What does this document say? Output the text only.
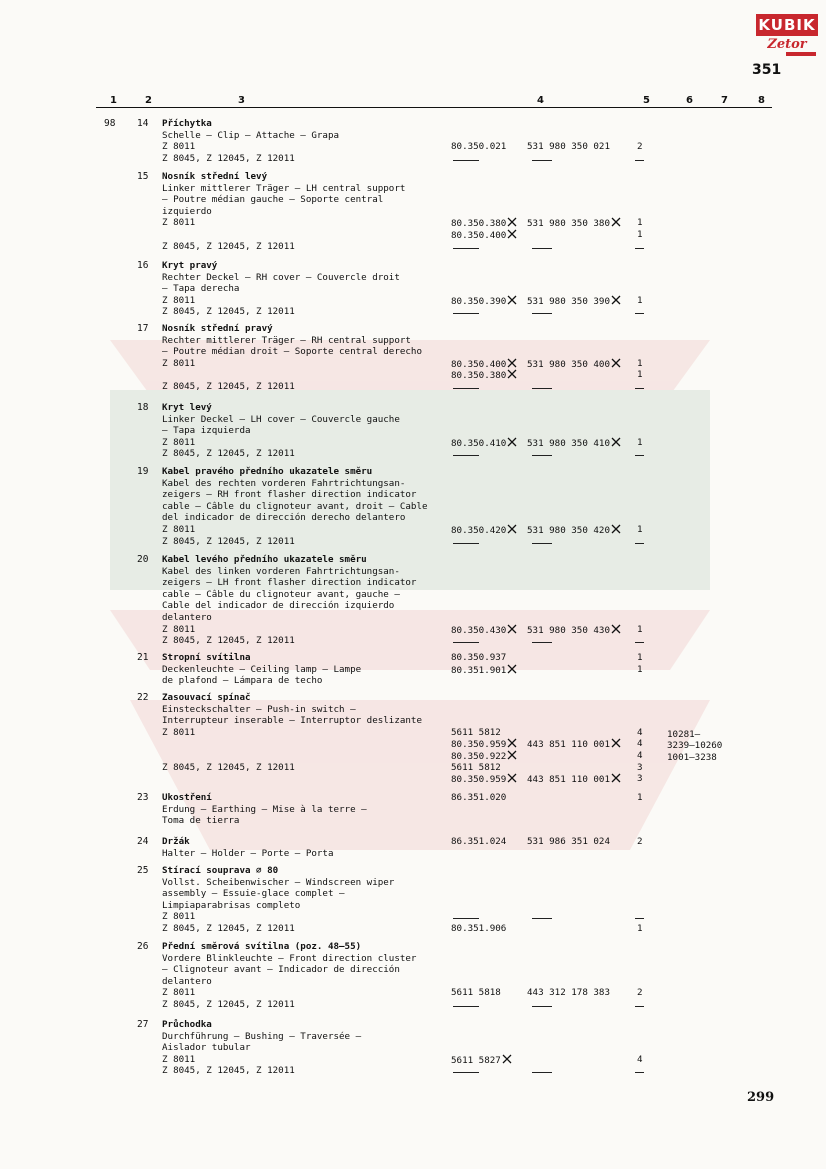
KUBIK
Zetor
351
1	2	3	4	5	6	7	8
98 14 Příchytka
Schelle — Clip — Attache — Grapa
Z 8011
Z 8045, Z 12045, Z 12011
80.350.021 531 980 350 021	2
15 Nosník střední levý
Linker mittlerer Träger — LH central support
— Poutre médian gauche — Soporte central
izquierdo
Z 8011

Z 8045, Z 12045, Z 12011
80.350.380	531 980 350 380	1
80.350.400	1
16 Kryt pravý
Rechter Deckel — RH cover — Couvercle droit
— Tapa derecha
Z 8011
Z 8045, Z 12045, Z 12011
80.350.390	531 980 350 390	1
17 Nosník střední pravý
Rechter mittlerer Träger — RH central support
— Poutre médian droit — Soporte central derecho
Z 8011

Z 8045, Z 12045, Z 12011
80.350.400	531 980 350 400	1
80.350.380	1
18 Kryt levý
Linker Deckel — LH cover — Couvercle gauche
— Tapa izquierda
Z 8011
Z 8045, Z 12045, Z 12011
80.350.410	531 980 350 410	1
19 Kabel pravého předního ukazatele směru
Kabel des rechten vorderen Fahrtrichtungsan-
zeigers — RH front flasher direction indicator
cable — Câble du clignoteur avant, droit — Cable
del indicador de dirección derecho delantero
Z 8011
Z 8045, Z 12045, Z 12011
80.350.420	531 980 350 420	1
20 Kabel levého předního ukazatele směru
Kabel des linken vorderen Fahrtrichtungsan-
zeigers — LH front flasher direction indicator
cable — Câble du clignoteur avant, gauche —
Cable del indicador de dirección izquierdo
delantero
Z 8011
Z 8045, Z 12045, Z 12011
80.350.430	531 980 350 430	1
21 Stropní svítilna
Deckenleuchte — Ceiling lamp — Lampe
de plafond — Lámpara de techo
80.350.937	1
80.351.901	1
22 Zasouvací spínač
Einsteckschalter — Push-in switch —
Interrupteur inserable — Interruptor deslizante
Z 8011

Z 8045, Z 12045, Z 12011

5611 5812	4
80.350.959	443 851 110 001	4
80.350.922	4
5611 5812	3
80.350.959	443 851 110 001	3
10281—
3239—10260
1001—3238
23 Ukostření
Erdung — Earthing — Mise à la terre —
Toma de tierra
86.351.020	1
24 Držák
Halter — Holder — Porte — Porta
86.351.024 531 986 351 024	2
25 Stírací souprava ⌀ 80
Vollst. Scheibenwischer — Windscreen wiper
assembly — Essuie-glace complet —
Limpiaparabrisas completo
Z 8011
Z 8045, Z 12045, Z 12011	80.351.906	1
26 Přední směrová svítilna (poz. 48—55)
Vordere Blinkleuchte — Front direction cluster
— Clignoteur avant — Indicador de dirección
delantero
Z 8011
Z 8045, Z 12045, Z 12011
5611 5818	443 312 178 383	2
27 Průchodka
Durchführung — Bushing — Traversée —
Aislador tubular
Z 8011
Z 8045, Z 12045, Z 12011
5611 5827	4
299
